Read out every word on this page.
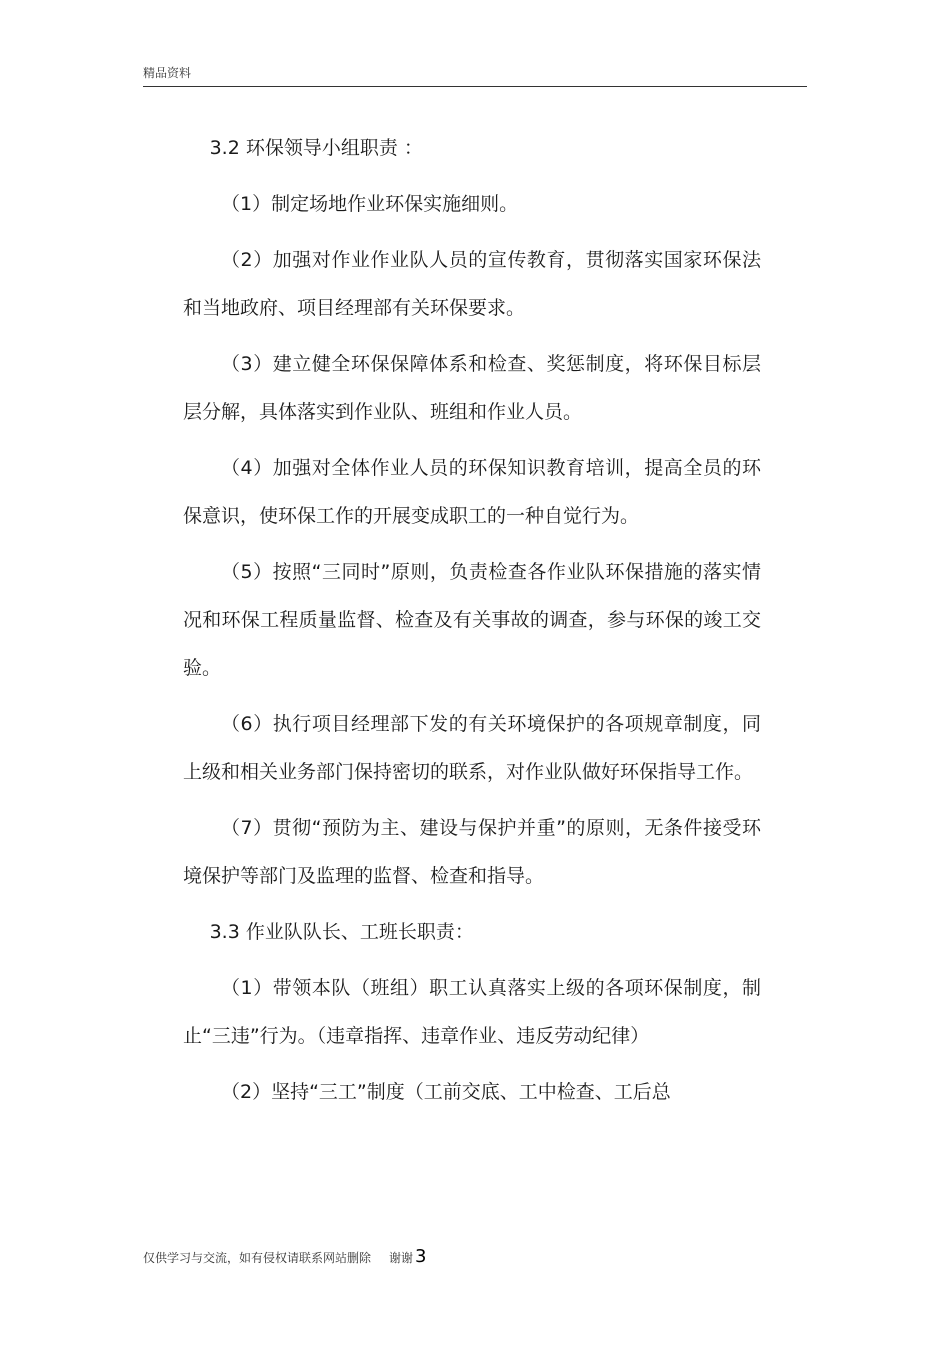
精品资料

3.2 环保领导小组职责 ：

（1）制定场地作业环保实施细则。

（2）加强对作业作业队人员的宣传教育，贯彻落实国家环保法和当地政府、项目经理部有关环保要求。

（3）建立健全环保保障体系和检查、奖惩制度，将环保目标层层分解，具体落实到作业队、班组和作业人员。

（4）加强对全体作业人员的环保知识教育培训，提高全员的环保意识，使环保工作的开展变成职工的一种自觉行为。

（5）按照“三同时”原则，负责检查各作业队环保措施的落实情况和环保工程质量监督、检查及有关事故的调查，参与环保的竣工交验。

（6）执行项目经理部下发的有关环境保护的各项规章制度，同上级和相关业务部门保持密切的联系，对作业队做好环保指导工作。

（7）贯彻“预防为主、建设与保护并重”的原则，无条件接受环境保护等部门及监理的监督、检查和指导。

3.3 作业队队长、工班长职责：

（1）带领本队（班组）职工认真落实上级的各项环保制度，制止“三违”行为。（违章指挥、违章作业、违反劳动纪律）

（2）坚持“三工”制度（工前交底、工中检查、工后总

仅供学习与交流，如有侵权请联系网站删除 谢谢 3
